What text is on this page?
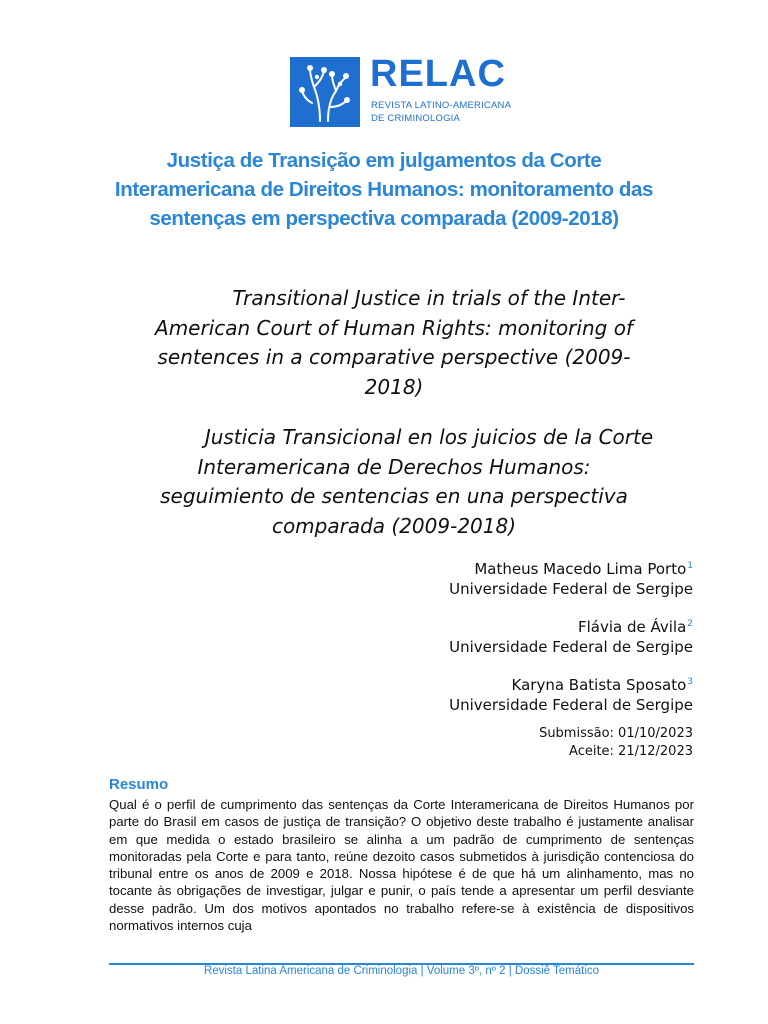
RELAC
REVISTA LATINO-AMERICANA
DE CRIMINOLOGIA
Justiça de Transição em julgamentos da Corte Interamericana de Direitos Humanos: monitoramento das sentenças em perspectiva comparada (2009-2018)
Transitional Justice in trials of the Inter-
American Court of Human Rights: monitoring of
sentences in a comparative perspective (2009-
2018)
Justicia Transicional en los juicios de la Corte
Interamericana de Derechos Humanos:
seguimiento de sentencias en una perspectiva
comparada (2009-2018)
Matheus Macedo Lima Porto$^1$
Universidade Federal de Sergipe
Flávia de Ávila$^2$
Universidade Federal de Sergipe
Karyna Batista Sposato$^3$
Universidade Federal de Sergipe
Submissão: 01/10/2023
Aceite: 21/12/2023
Resumo
Qual é o perfil de cumprimento das sentenças da Corte Interamericana de Direitos Humanos por parte do Brasil em casos de justiça de transição? O objetivo deste trabalho é justamente analisar em que medida o estado brasileiro se alinha a um padrão de cumprimento de sentenças monitoradas pela Corte e para tanto, reúne dezoito casos submetidos à jurisdição contenciosa do tribunal entre os anos de 2009 e 2018. Nossa hipótese é de que há um alinhamento, mas no tocante às obrigações de investigar, julgar e punir, o país tende a apresentar um perfil desviante desse padrão. Um dos motivos apontados no trabalho refere-se à existência de dispositivos normativos internos cuja
Revista Latina Americana de Criminologia | Volume 3º, nº 2 | Dossiê Temático
